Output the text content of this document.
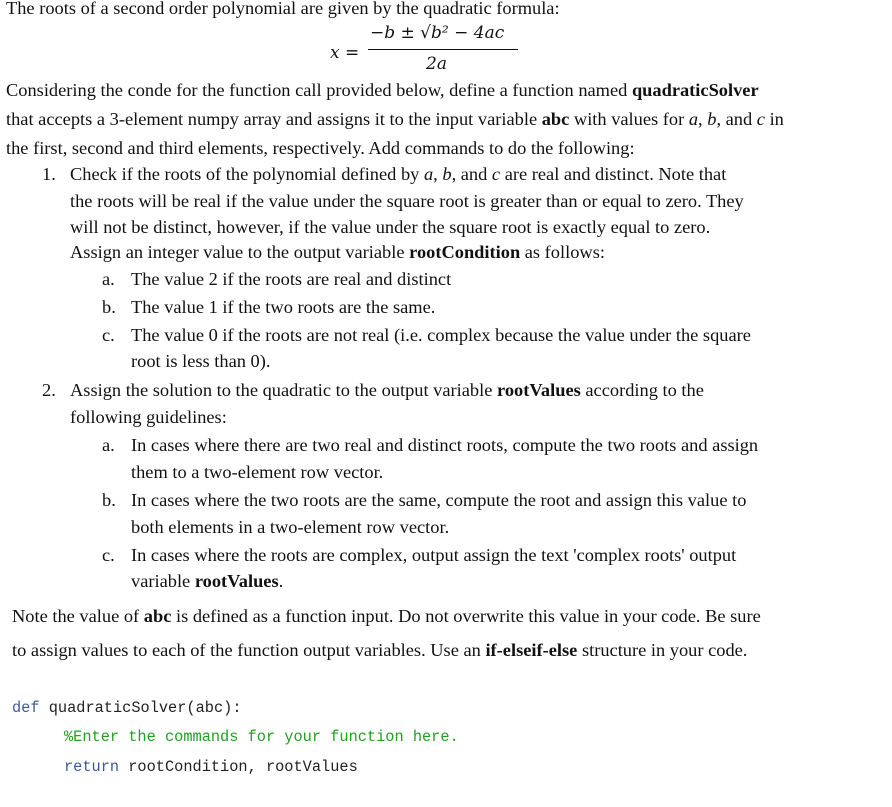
The roots of a second order polynomial are given by the quadratic formula:
x =
−b ± √b² − 4ac
2a
Considering the conde for the function call provided below, define a function named quadraticSolver
that accepts a 3-element numpy array and assigns it to the input variable abc with values for a, b, and c in
the first, second and third elements, respectively. Add commands to do the following:
1. Check if the roots of the polynomial defined by a, b, and c are real and distinct. Note that
the roots will be real if the value under the square root is greater than or equal to zero. They
will not be distinct, however, if the value under the square root is exactly equal to zero.
Assign an integer value to the output variable rootCondition as follows:
a. The value 2 if the roots are real and distinct
b. The value 1 if the two roots are the same.
c. The value 0 if the roots are not real (i.e. complex because the value under the square
root is less than 0).
2. Assign the solution to the quadratic to the output variable rootValues according to the
following guidelines:
a. In cases where there are two real and distinct roots, compute the two roots and assign
them to a two-element row vector.
b. In cases where the two roots are the same, compute the root and assign this value to
both elements in a two-element row vector.
c. In cases where the roots are complex, output assign the text 'complex roots' output
variable rootValues.
Note the value of abc is defined as a function input. Do not overwrite this value in your code. Be sure
to assign values to each of the function output variables. Use an if-elseif-else structure in your code.
def quadraticSolver(abc):
%Enter the commands for your function here.
return rootCondition, rootValues
